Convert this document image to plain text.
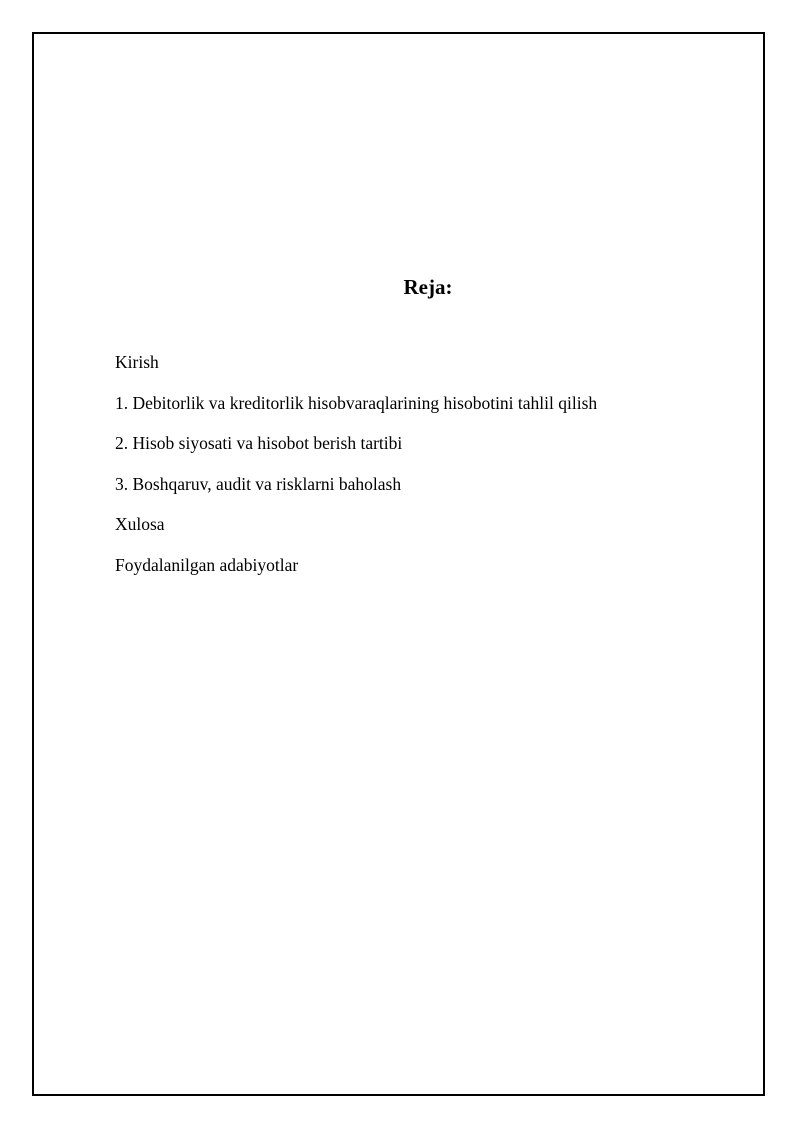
Reja:
Kirish
1. Debitorlik va kreditorlik hisobvaraqlarining hisobotini tahlil qilish
2. Hisob siyosati va hisobot berish tartibi
3. Boshqaruv, audit va risklarni baholash
Xulosa
Foydalanilgan adabiyotlar
